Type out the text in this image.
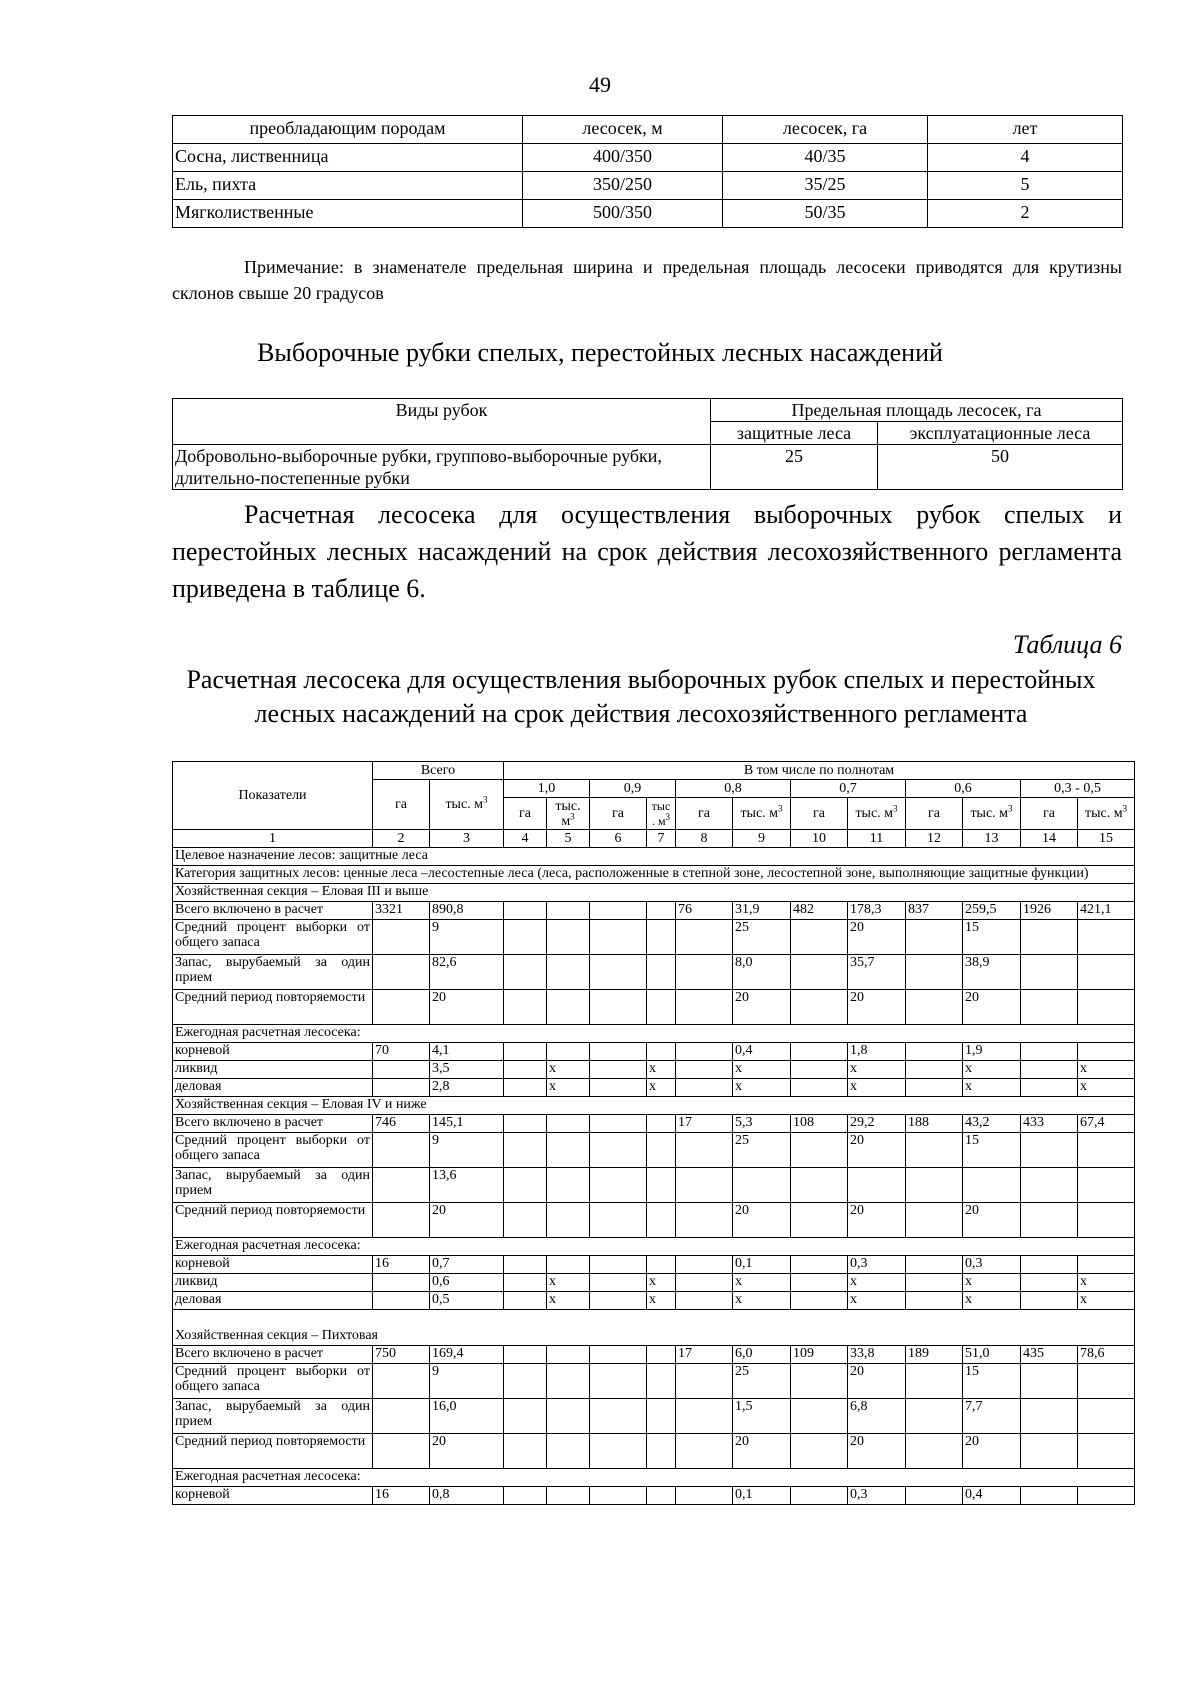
49
преобладающим породам	лесосек, м	лесосек, га	лет
Сосна, лиственница	400/350	40/35	4
Ель, пихта	350/250	35/25	5
Мягколиственные	500/350	50/35	2
Примечание: в знаменателе предельная ширина и предельная площадь лесосеки приводятся для крутизны склонов свыше 20 градусов
Выборочные рубки спелых, перестойных лесных насаждений
Виды рубок	Предельная площадь лесосек, га	
	защитные леса	эксплуатационные леса
Добровольно-выборочные рубки, группово-выборочные рубки, длительно-постепенные рубки	25	50
Расчетная лесосека для осуществления выборочных рубок спелых и перестойных лесных насаждений на срок действия лесохозяйственного регламента приведена в таблице 6.
Таблица 6
Расчетная лесосека для осуществления выборочных рубок спелых и перестойных лесных насаждений на срок действия лесохозяйственного регламента
Показатели	Всего		В том числе по полнотам											
	га	тыс. $м^3$	1,0		0,9		0,8		0,7		0,6		0,3 - 0,5	
			га	тыс. $м^3$	га	тыс . $м^3$	га	тыс. $м^3$	га	тыс. $м^3$	га	тыс. $м^3$	га	тыс. $м^3$
1	2	3	4	5	6	7	8	9	10	11	12	13	14	15
Целевое назначение лесов: защитные леса														
Категория защитных лесов: ценные леса –лесостепные леса (леса, расположенные в степной зоне, лесостепной зоне, выполняющие защитные функции)														
Хозяйственная секция – Еловая III и выше														
Всего включено в расчет	3321	890,8					76	31,9	482	178,3	837	259,5	1926	421,1
Средний процент выборки от общего запаса		9						25		20		15		
Запас, вырубаемый за один прием		82,6						8,0		35,7		38,9		
Средний период повторяемости		20						20		20		20		
Ежегодная расчетная лесосека:														
корневой	70	4,1						0,4		1,8		1,9		
ликвид		3,5		x		x		x		x		x		x
деловая		2,8		x		x		x		x		x		x
Хозяйственная секция – Еловая IV и ниже														
Всего включено в расчет	746	145,1					17	5,3	108	29,2	188	43,2	433	67,4
Средний процент выборки от общего запаса		9						25		20		15		
Запас, вырубаемый за один прием		13,6												
Средний период повторяемости		20						20		20		20		
Ежегодная расчетная лесосека:														
корневой	16	0,7						0,1		0,3		0,3		
ликвид		0,6		x		x		x		x		x		x
деловая		0,5		x		x		x		x		x		x
Хозяйственная секция – Пихтовая														
Всего включено в расчет	750	169,4					17	6,0	109	33,8	189	51,0	435	78,6
Средний процент выборки от общего запаса		9						25		20		15		
Запас, вырубаемый за один прием		16,0						1,5		6,8		7,7		
Средний период повторяемости		20						20		20		20		
Ежегодная расчетная лесосека:														
корневой	16	0,8						0,1		0,3		0,4		
